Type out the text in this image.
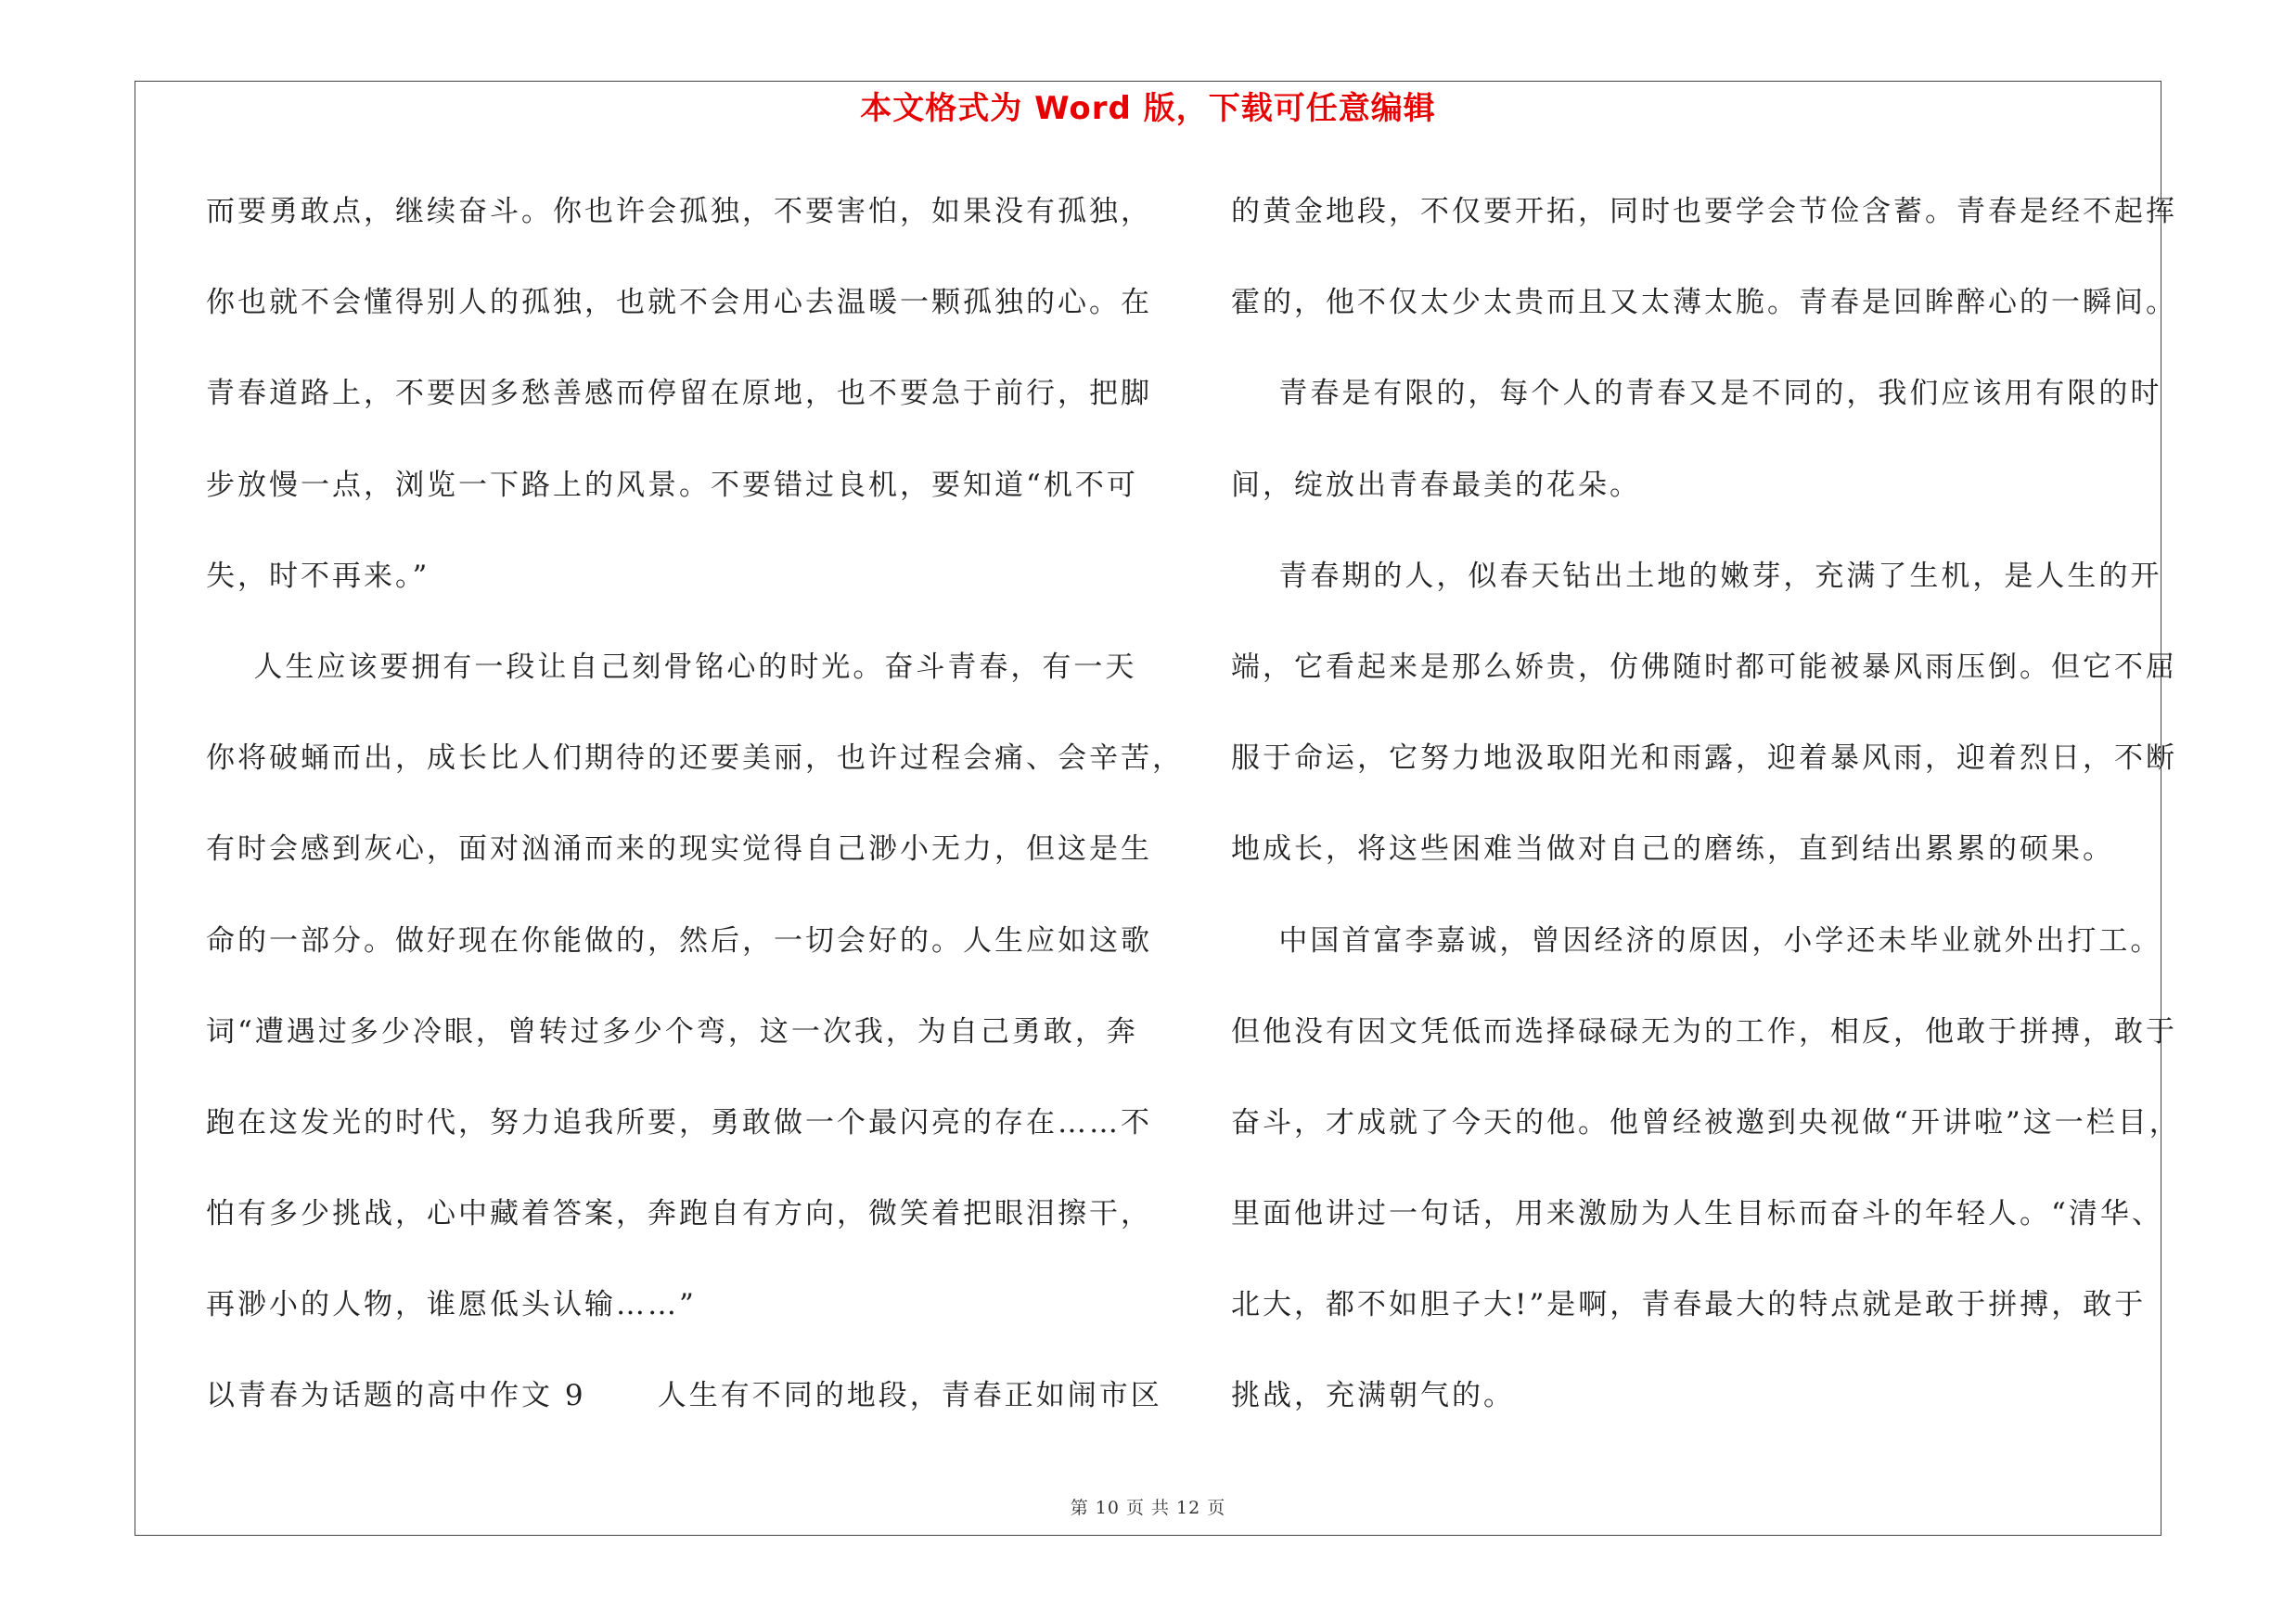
本文格式为 Word 版，下载可任意编辑
而要勇敢点，继续奋斗。你也许会孤独，不要害怕，如果没有孤独，
你也就不会懂得别人的孤独，也就不会用心去温暖一颗孤独的心。在
青春道路上，不要因多愁善感而停留在原地，也不要急于前行，把脚
步放慢一点，浏览一下路上的风景。不要错过良机，要知道“机不可
失，时不再来。”
人生应该要拥有一段让自己刻骨铭心的时光。奋斗青春，有一天
你将破蛹而出，成长比人们期待的还要美丽，也许过程会痛、会辛苦，
有时会感到灰心，面对汹涌而来的现实觉得自己渺小无力，但这是生
命的一部分。做好现在你能做的，然后，一切会好的。人生应如这歌
词“遭遇过多少冷眼，曾转过多少个弯，这一次我，为自己勇敢，奔
跑在这发光的时代，努力追我所要，勇敢做一个最闪亮的存在……不
怕有多少挑战，心中藏着答案，奔跑自有方向，微笑着把眼泪擦干，
再渺小的人物，谁愿低头认输……”
以青春为话题的高中作文 9      人生有不同的地段，青春正如闹市区
的黄金地段，不仅要开拓，同时也要学会节俭含蓄。青春是经不起挥
霍的，他不仅太少太贵而且又太薄太脆。青春是回眸醉心的一瞬间。
青春是有限的，每个人的青春又是不同的，我们应该用有限的时
间，绽放出青春最美的花朵。
青春期的人，似春天钻出土地的嫩芽，充满了生机，是人生的开
端，它看起来是那么娇贵，仿佛随时都可能被暴风雨压倒。但它不屈
服于命运，它努力地汲取阳光和雨露，迎着暴风雨，迎着烈日，不断
地成长，将这些困难当做对自己的磨练，直到结出累累的硕果。
中国首富李嘉诚，曾因经济的原因，小学还未毕业就外出打工。
但他没有因文凭低而选择碌碌无为的工作，相反，他敢于拼搏，敢于
奋斗，才成就了今天的他。他曾经被邀到央视做“开讲啦”这一栏目，
里面他讲过一句话，用来激励为人生目标而奋斗的年轻人。“清华、
北大，都不如胆子大!”是啊，青春最大的特点就是敢于拼搏，敢于
挑战，充满朝气的。
第 10 页 共 12 页
